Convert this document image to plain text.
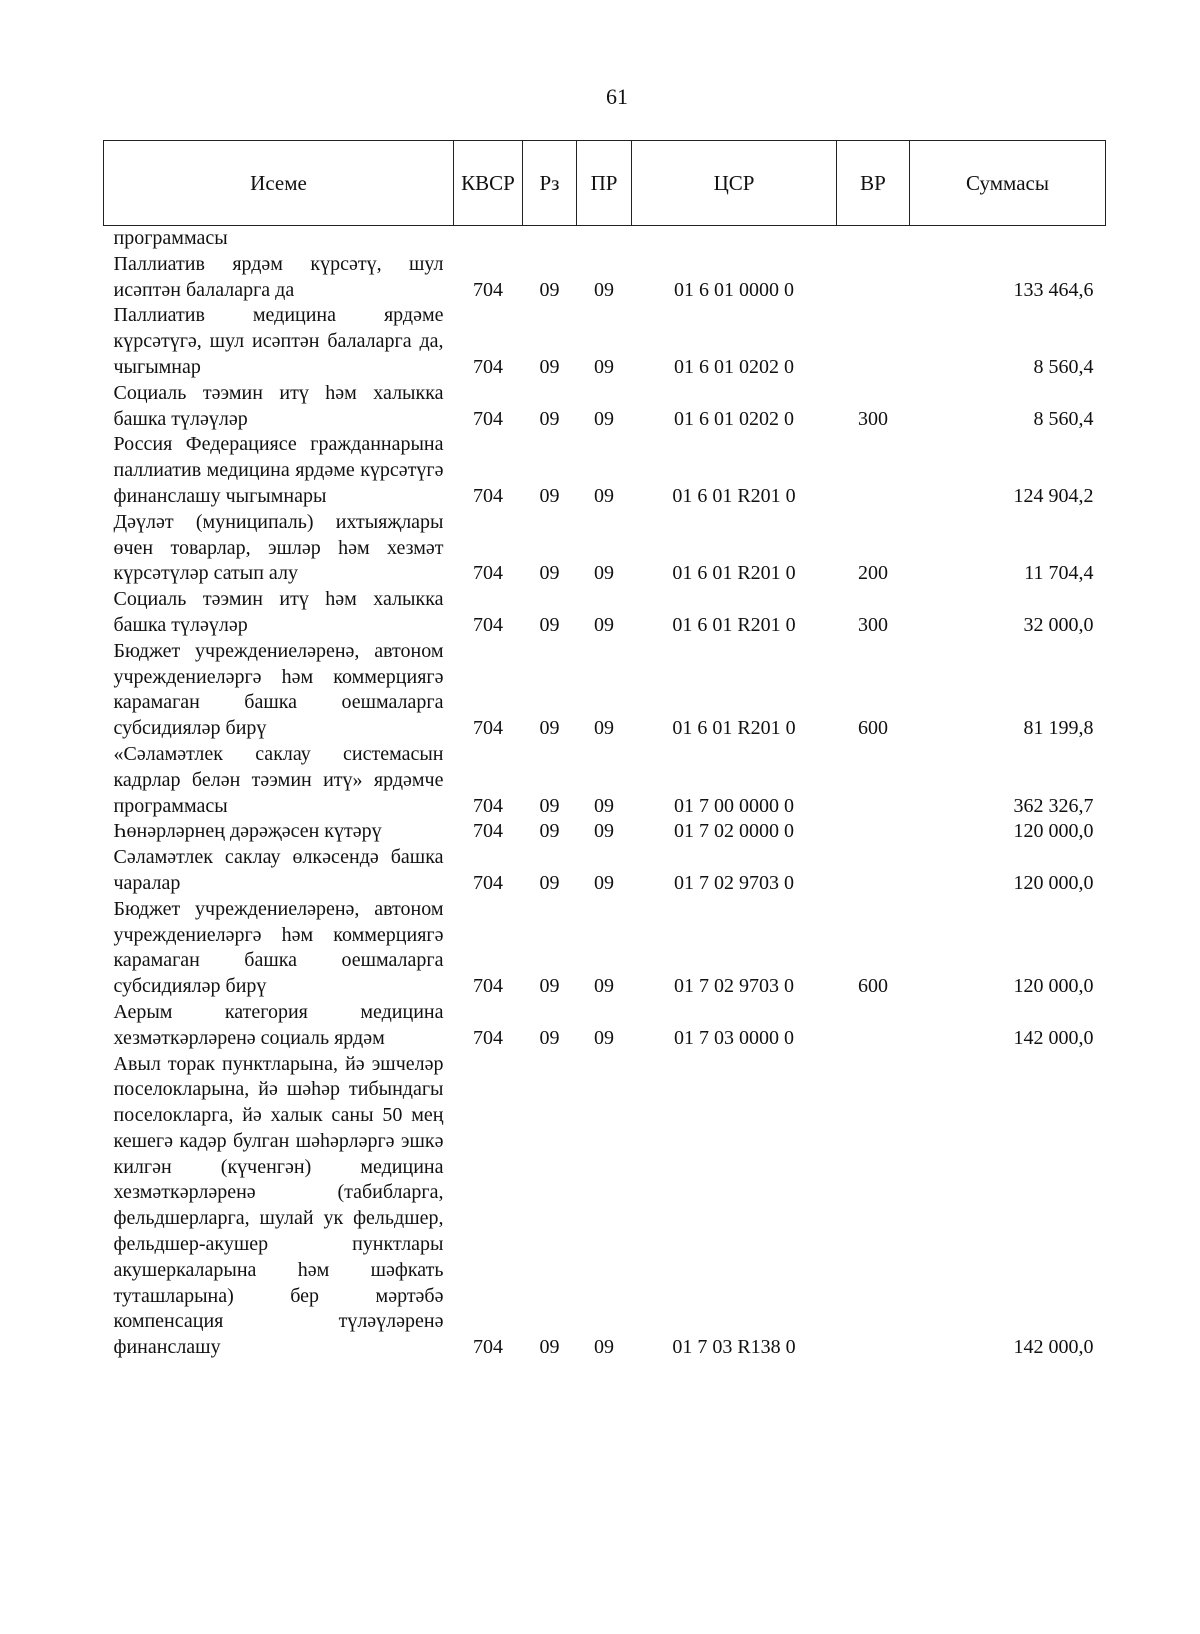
61
Исеме	КВСР	Рз	ПР	ЦСР	ВР	Суммасы
программасы						
Паллиатив ярдәм күрсәтү, шул исәптән балаларга да	704	09	09	01 6 01 0000 0		133 464,6
Паллиатив медицина ярдәме күрсәтүгә, шул исәптән балаларга да, чыгымнар	704	09	09	01 6 01 0202 0		8 560,4
Социаль тәэмин итү һәм халыкка башка түләүләр	704	09	09	01 6 01 0202 0	300	8 560,4
Россия Федерациясе гражданнарына паллиатив медицина ярдәме күрсәтүгә финанслашу чыгымнары	704	09	09	01 6 01 R201 0		124 904,2
Дәүләт (муниципаль) ихтыяҗлары өчен товарлар, эшләр һәм хезмәт күрсәтүләр сатып алу	704	09	09	01 6 01 R201 0	200	11 704,4
Социаль тәэмин итү һәм халыкка башка түләүләр	704	09	09	01 6 01 R201 0	300	32 000,0
Бюджет учреждениеләренә, автоном учреждениеләргә һәм коммерциягә карамаган башка оешмаларга субсидияләр бирү	704	09	09	01 6 01 R201 0	600	81 199,8
«Сәламәтлек саклау системасын кадрлар белән тәэмин итү» ярдәмче программасы	704	09	09	01 7 00 0000 0		362 326,7
Һөнәрләрнең дәрәҗәсен күтәрү	704	09	09	01 7 02 0000 0		120 000,0
Сәламәтлек саклау өлкәсендә башка чаралар	704	09	09	01 7 02 9703 0		120 000,0
Бюджет учреждениеләренә, автоном учреждениеләргә һәм коммерциягә карамаган башка оешмаларга субсидияләр бирү	704	09	09	01 7 02 9703 0	600	120 000,0
Аерым категория медицина хезмәткәрләренә социаль ярдәм	704	09	09	01 7 03 0000 0		142 000,0
Авыл торак пунктларына, йә эшчеләр поселокларына, йә шәһәр тибындагы поселокларга, йә халык саны 50 мең кешегә кадәр булган шәһәрләргә эшкә килгән (күченгән) медицина хезмәткәрләренә (табибларга, фельдшерларга, шулай ук фельдшер, фельдшер-акушер пунктлары акушеркаларына һәм шәфкать туташларына) бер мәртәбә компенсация түләүләренә финанслашу	704	09	09	01 7 03 R138 0		142 000,0
